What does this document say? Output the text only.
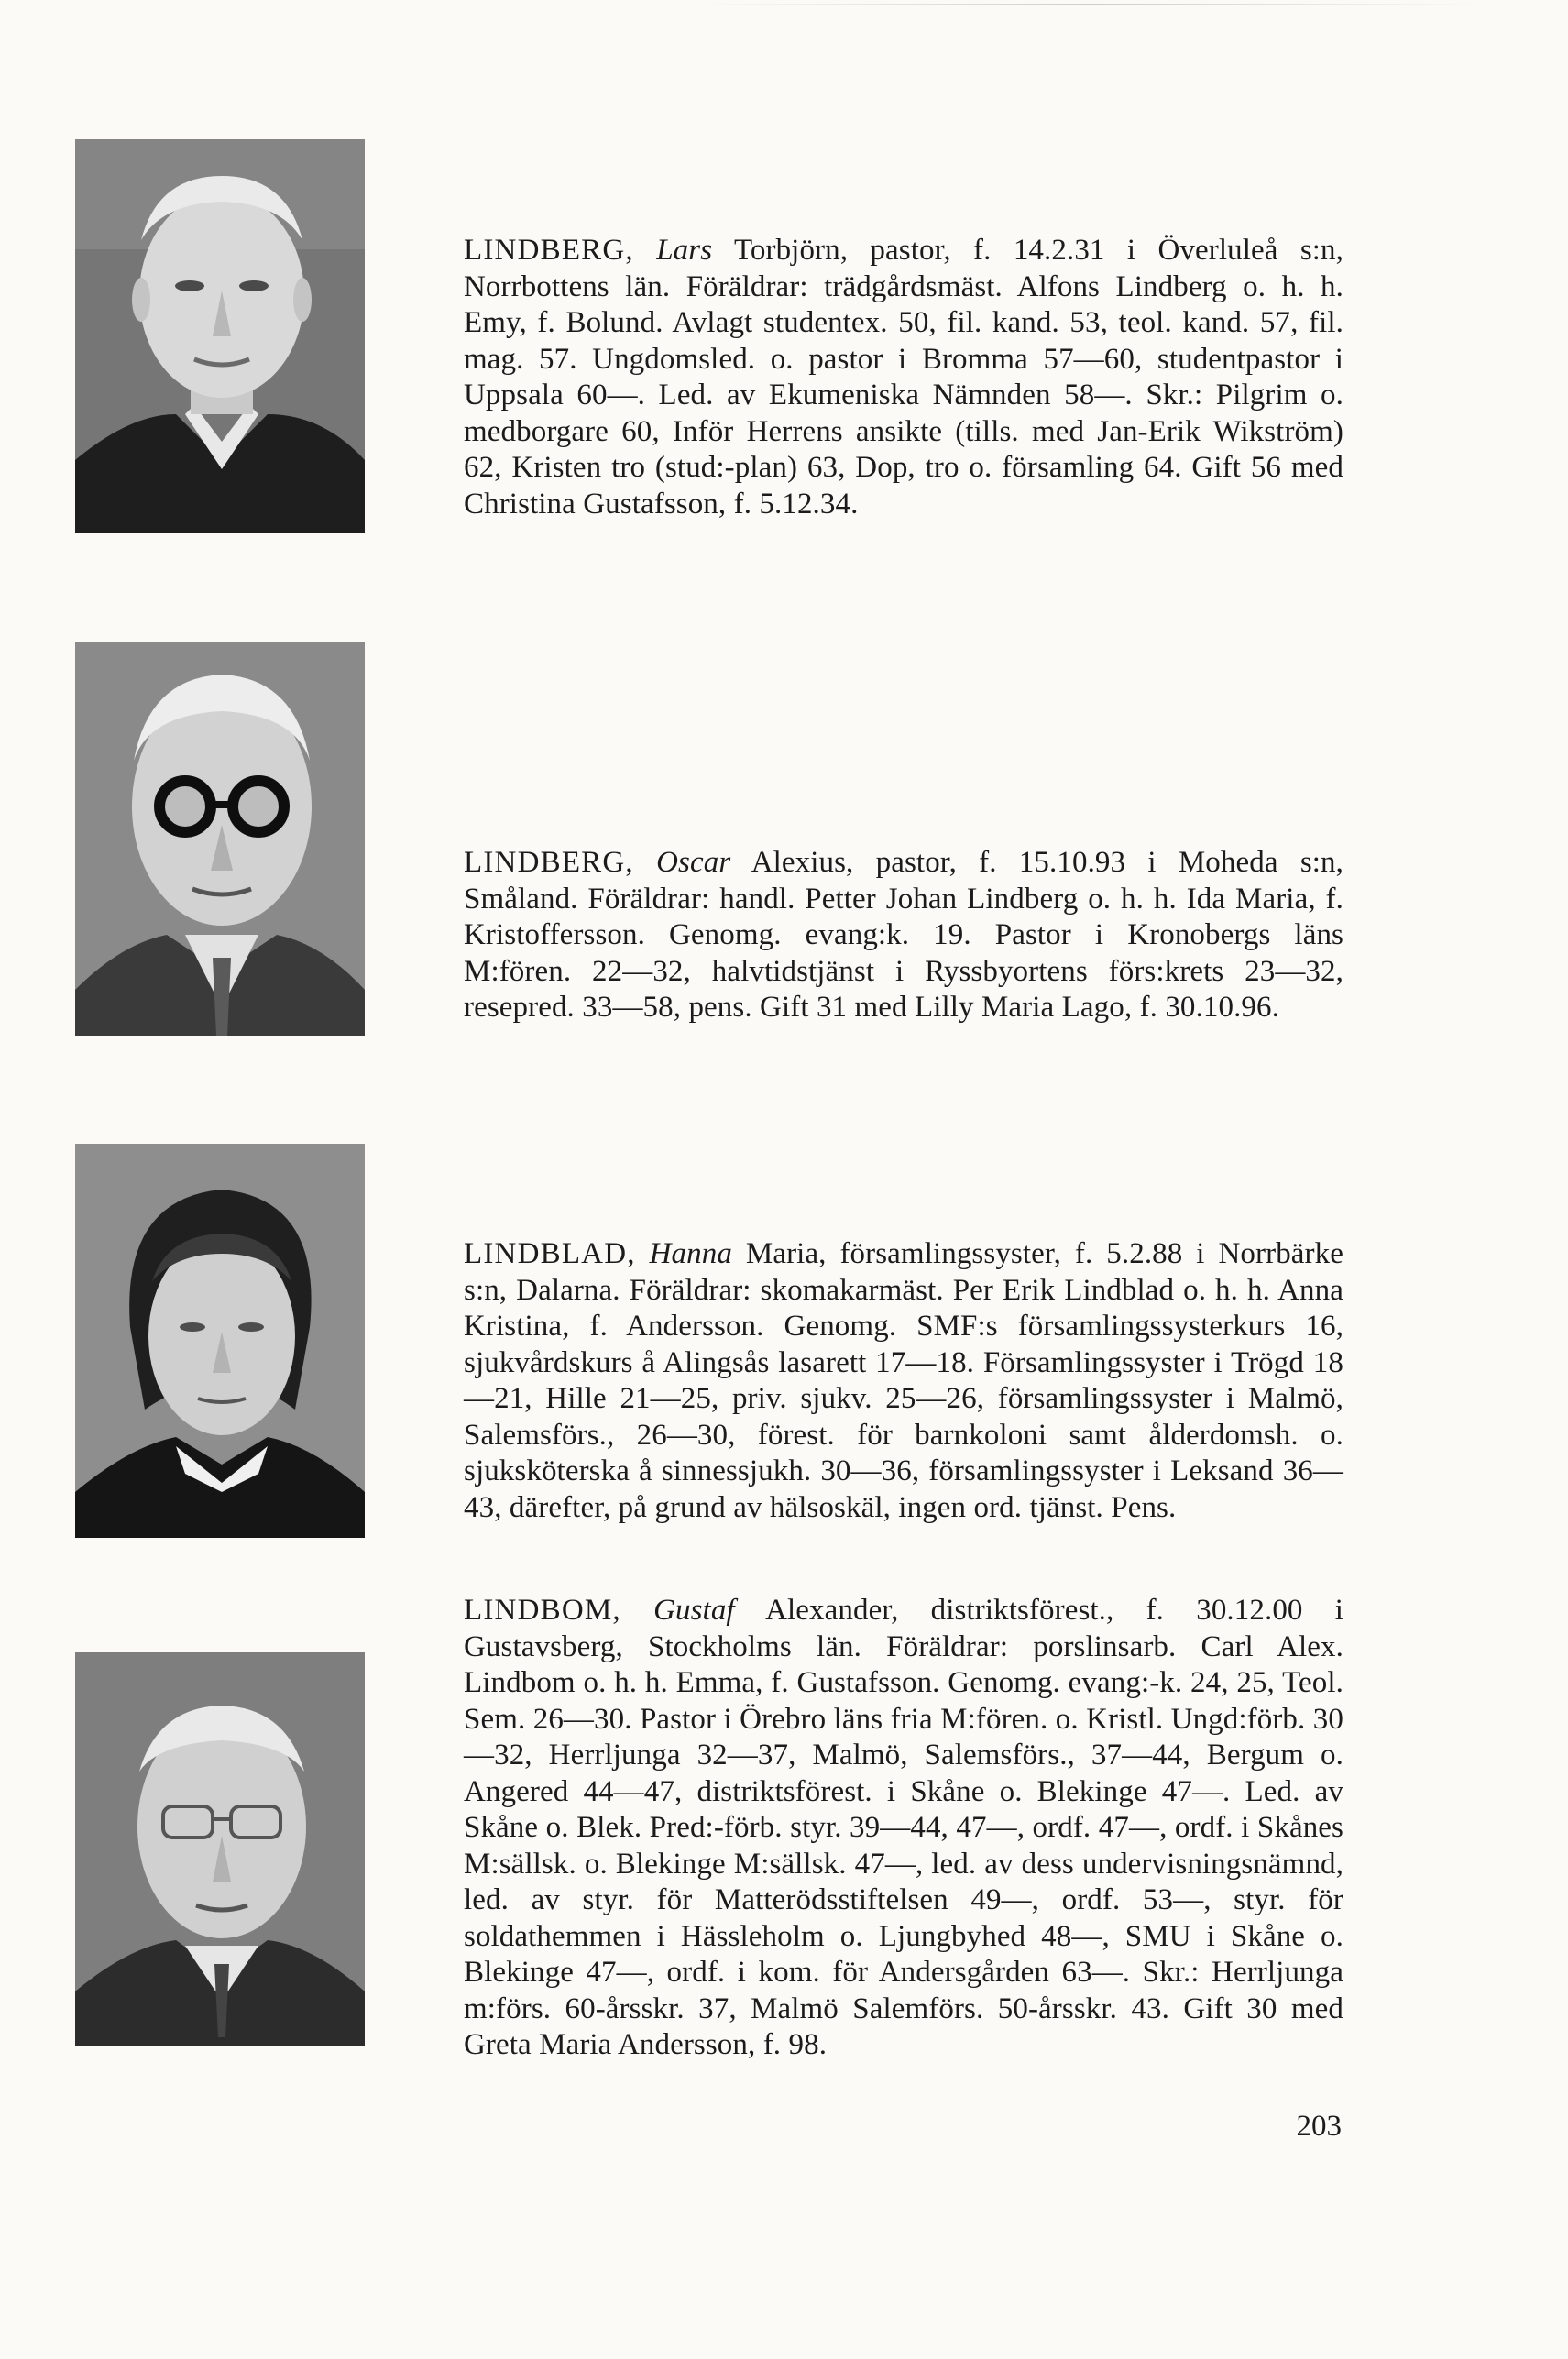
LINDBERG, Lars Torbjörn, pastor, f. 14.2.31 i Överluleå s:n, Norrbottens län. Föräldrar: trädgårdsmäst. Alfons Lindberg o. h. h. Emy, f. Bolund. Avlagt studentex. 50, fil. kand. 53, teol. kand. 57, fil. mag. 57. Ungdomsled. o. pastor i Bromma 57—60, studentpastor i Uppsala 60—. Led. av Ekumeniska Nämnden 58—. Skr.: Pilgrim o. medborgare 60, Inför Herrens ansikte (tills. med Jan-Erik Wikström) 62, Kristen tro (stud:-plan) 63, Dop, tro o. församling 64. Gift 56 med Christina Gustafsson, f. 5.12.34.
LINDBERG, Oscar Alexius, pastor, f. 15.10.93 i Moheda s:n, Småland. Föräldrar: handl. Petter Johan Lindberg o. h. h. Ida Maria, f. Kristoffersson. Genomg. evang:k. 19. Pastor i Kronobergs läns M:fören. 22—32, halvtidstjänst i Ryssbyortens förs:krets 23—32, resepred. 33—58, pens. Gift 31 med Lilly Maria Lago, f. 30.10.96.
LINDBLAD, Hanna Maria, församlingssyster, f. 5.2.88 i Norrbärke s:n, Dalarna. Föräldrar: skomakarmäst. Per Erik Lindblad o. h. h. Anna Kristina, f. Andersson. Genomg. SMF:s församlingssysterkurs 16, sjukvårdskurs å Alingsås lasarett 17—18. Församlingssyster i Trögd 18—21, Hille 21—25, priv. sjukv. 25—26, församlingssyster i Malmö, Salemsförs., 26—30, förest. för barnkoloni samt ålderdomsh. o. sjuksköterska å sinnessjukh. 30—36, församlingssyster i Leksand 36—43, därefter, på grund av hälsoskäl, ingen ord. tjänst. Pens.
LINDBOM, Gustaf Alexander, distriktsförest., f. 30.12.00 i Gustavsberg, Stockholms län. Föräldrar: porslinsarb. Carl Alex. Lindbom o. h. h. Emma, f. Gustafsson. Genomg. evang:-k. 24, 25, Teol. Sem. 26—30. Pastor i Örebro läns fria M:fören. o. Kristl. Ungd:förb. 30—32, Herrljunga 32—37, Malmö, Salemsförs., 37—44, Bergum o. Angered 44—47, distriktsförest. i Skåne o. Blekinge 47—. Led. av Skåne o. Blek. Pred:-förb. styr. 39—44, 47—, ordf. 47—, ordf. i Skånes M:sällsk. o. Blekinge M:sällsk. 47—, led. av dess undervisningsnämnd, led. av styr. för Matterödsstiftelsen 49—, ordf. 53—, styr. för soldathemmen i Hässleholm o. Ljungbyhed 48—, SMU i Skåne o. Blekinge 47—, ordf. i kom. för Andersgården 63—. Skr.: Herrljunga m:förs. 60-årsskr. 37, Malmö Salemförs. 50-årsskr. 43. Gift 30 med Greta Maria Andersson, f. 98.
203
